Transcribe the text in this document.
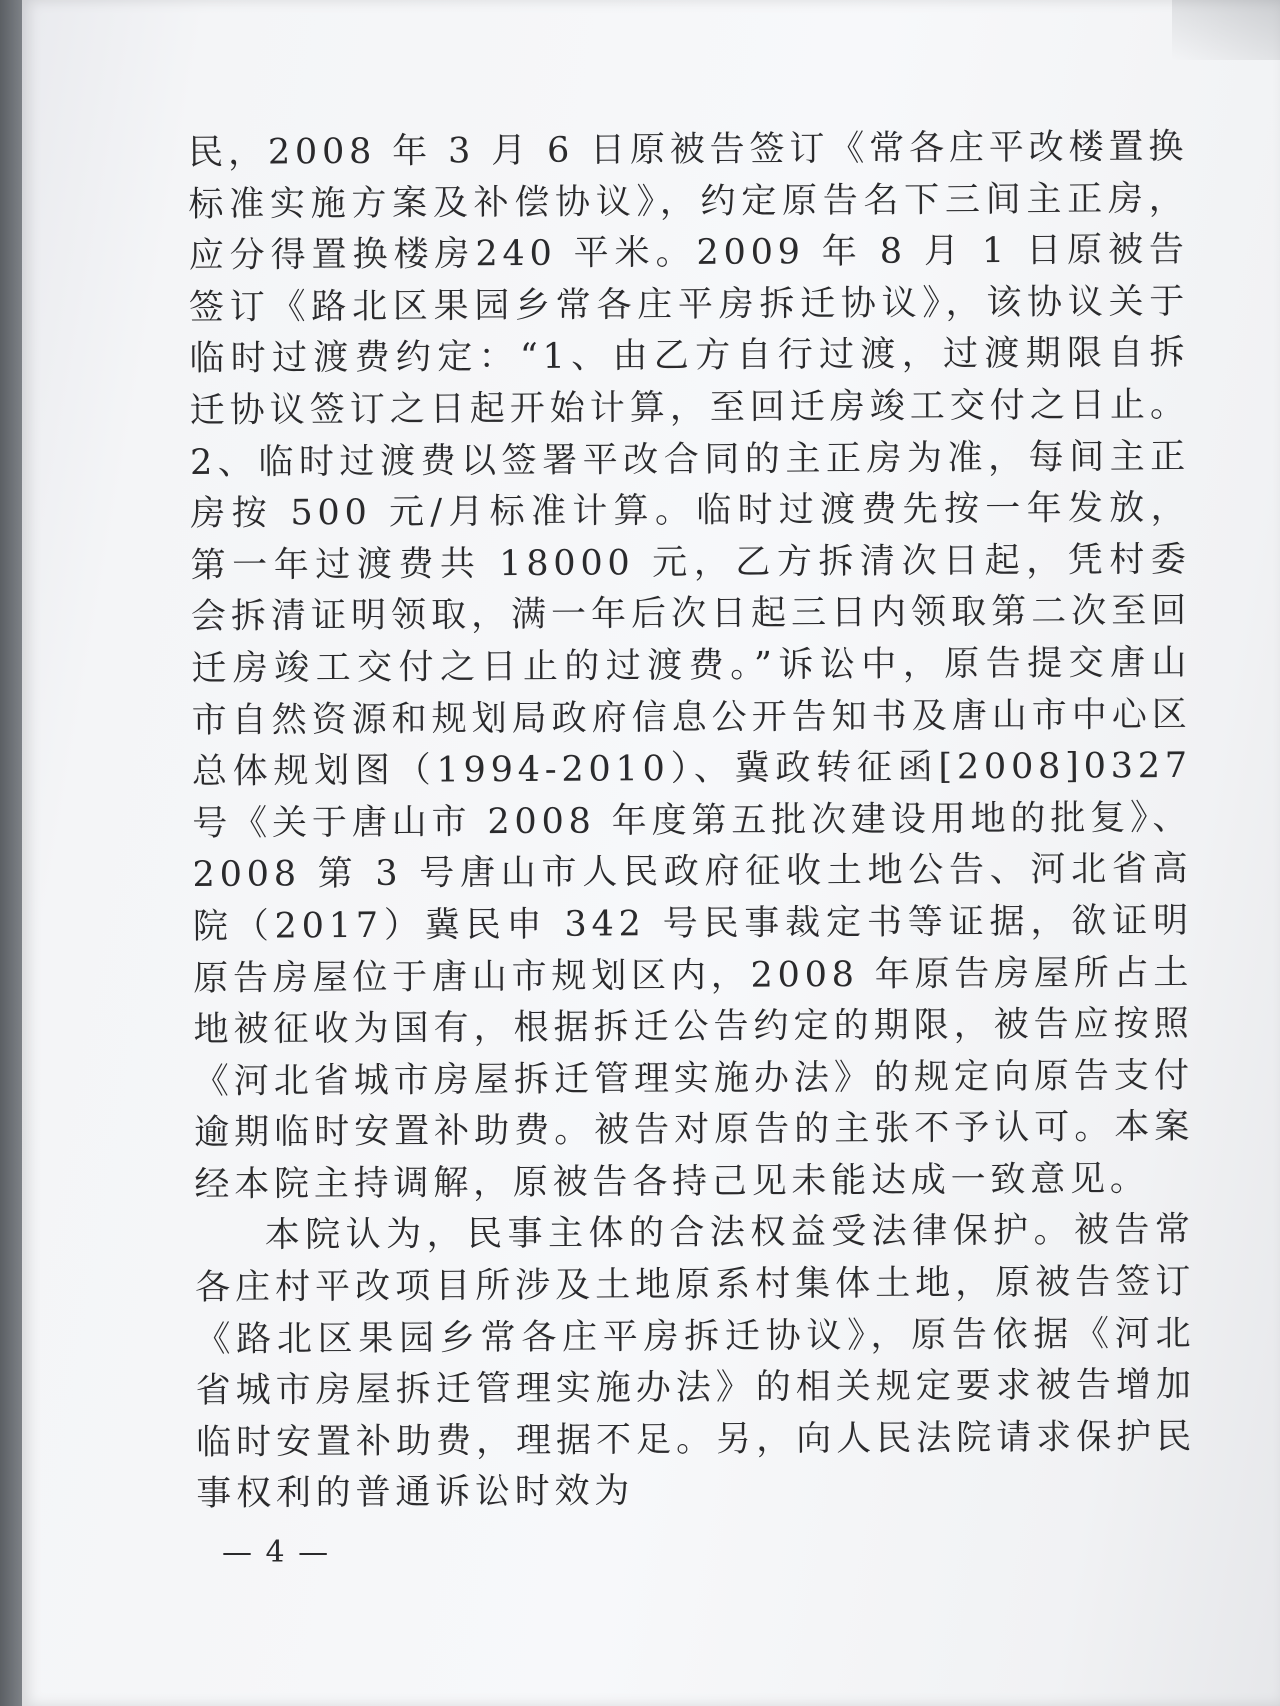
民，2008 年 3 月 6 日原被告签订《常各庄平改楼置换标准实施方案及补偿协议》，约定原告名下三间主正房，应分得置换楼房240 平米。2009 年 8 月 1 日原被告签订《路北区果园乡常各庄平房拆迁协议》，该协议关于临时过渡费约定：“1、由乙方自行过渡，过渡期限自拆迁协议签订之日起开始计算，至回迁房竣工交付之日止。2、临时过渡费以签署平改合同的主正房为准，每间主正房按 500 元/月标准计算。临时过渡费先按一年发放，第一年过渡费共 18000 元，乙方拆清次日起，凭村委会拆清证明领取，满一年后次日起三日内领取第二次至回迁房竣工交付之日止的过渡费。”诉讼中，原告提交唐山市自然资源和规划局政府信息公开告知书及唐山市中心区总体规划图（1994-2010）、冀政转征函[2008]0327 号《关于唐山市 2008 年度第五批次建设用地的批复》、2008 第 3 号唐山市人民政府征收土地公告、河北省高院（2017）冀民申 342 号民事裁定书等证据，欲证明原告房屋位于唐山市规划区内，2008 年原告房屋所占土地被征收为国有，根据拆迁公告约定的期限，被告应按照《河北省城市房屋拆迁管理实施办法》的规定向原告支付逾期临时安置补助费。被告对原告的主张不予认可。本案经本院主持调解，原被告各持己见未能达成一致意见。

本院认为，民事主体的合法权益受法律保护。被告常各庄村平改项目所涉及土地原系村集体土地，原被告签订《路北区果园乡常各庄平房拆迁协议》，原告依据《河北省城市房屋拆迁管理实施办法》的相关规定要求被告增加临时安置补助费，理据不足。另，向人民法院请求保护民事权利的普通诉讼时效为

— 4 —
